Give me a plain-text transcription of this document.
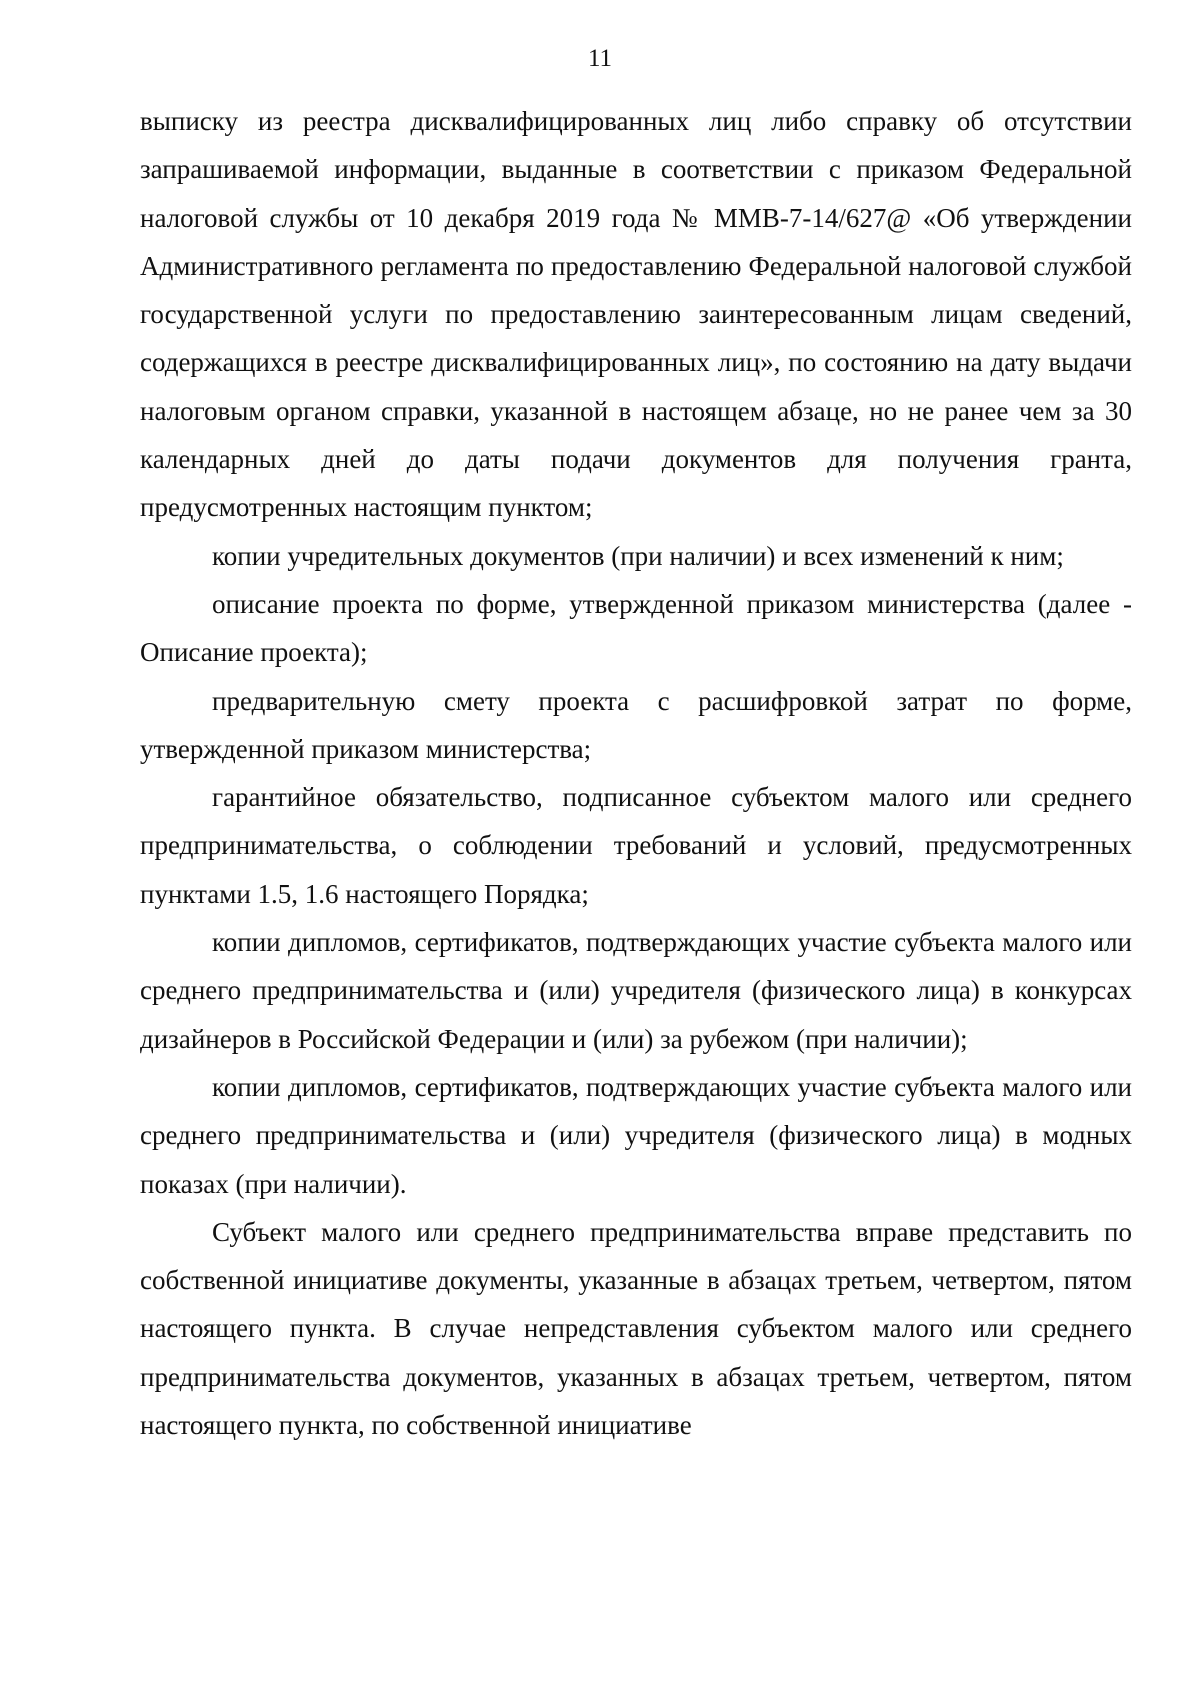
11

выписку из реестра дисквалифицированных лиц либо справку об отсутствии запрашиваемой информации, выданные в соответствии с приказом Федеральной налоговой службы от 10 декабря 2019 года № ММВ-7-14/627@ «Об утверждении Административного регламента по предоставлению Федеральной налоговой службой государственной услуги по предоставлению заинтересованным лицам сведений, содержащихся в реестре дисквалифицированных лиц», по состоянию на дату выдачи налоговым органом справки, указанной в настоящем абзаце, но не ранее чем за 30 календарных дней до даты подачи документов для получения гранта, предусмотренных настоящим пунктом;

копии учредительных документов (при наличии) и всех изменений к ним;

описание проекта по форме, утвержденной приказом министерства (далее - Описание проекта);

предварительную смету проекта с расшифровкой затрат по форме, утвержденной приказом министерства;

гарантийное обязательство, подписанное субъектом малого или среднего предпринимательства, о соблюдении требований и условий, предусмотренных пунктами 1.5, 1.6 настоящего Порядка;

копии дипломов, сертификатов, подтверждающих участие субъекта малого или среднего предпринимательства и (или) учредителя (физического лица) в конкурсах дизайнеров в Российской Федерации и (или) за рубежом (при наличии);

копии дипломов, сертификатов, подтверждающих участие субъекта малого или среднего предпринимательства и (или) учредителя (физического лица) в модных показах (при наличии).

Субъект малого или среднего предпринимательства вправе представить по собственной инициативе документы, указанные в абзацах третьем, четвертом, пятом настоящего пункта. В случае непредставления субъектом малого или среднего предпринимательства документов, указанных в абзацах третьем, четвертом, пятом настоящего пункта, по собственной инициативе
